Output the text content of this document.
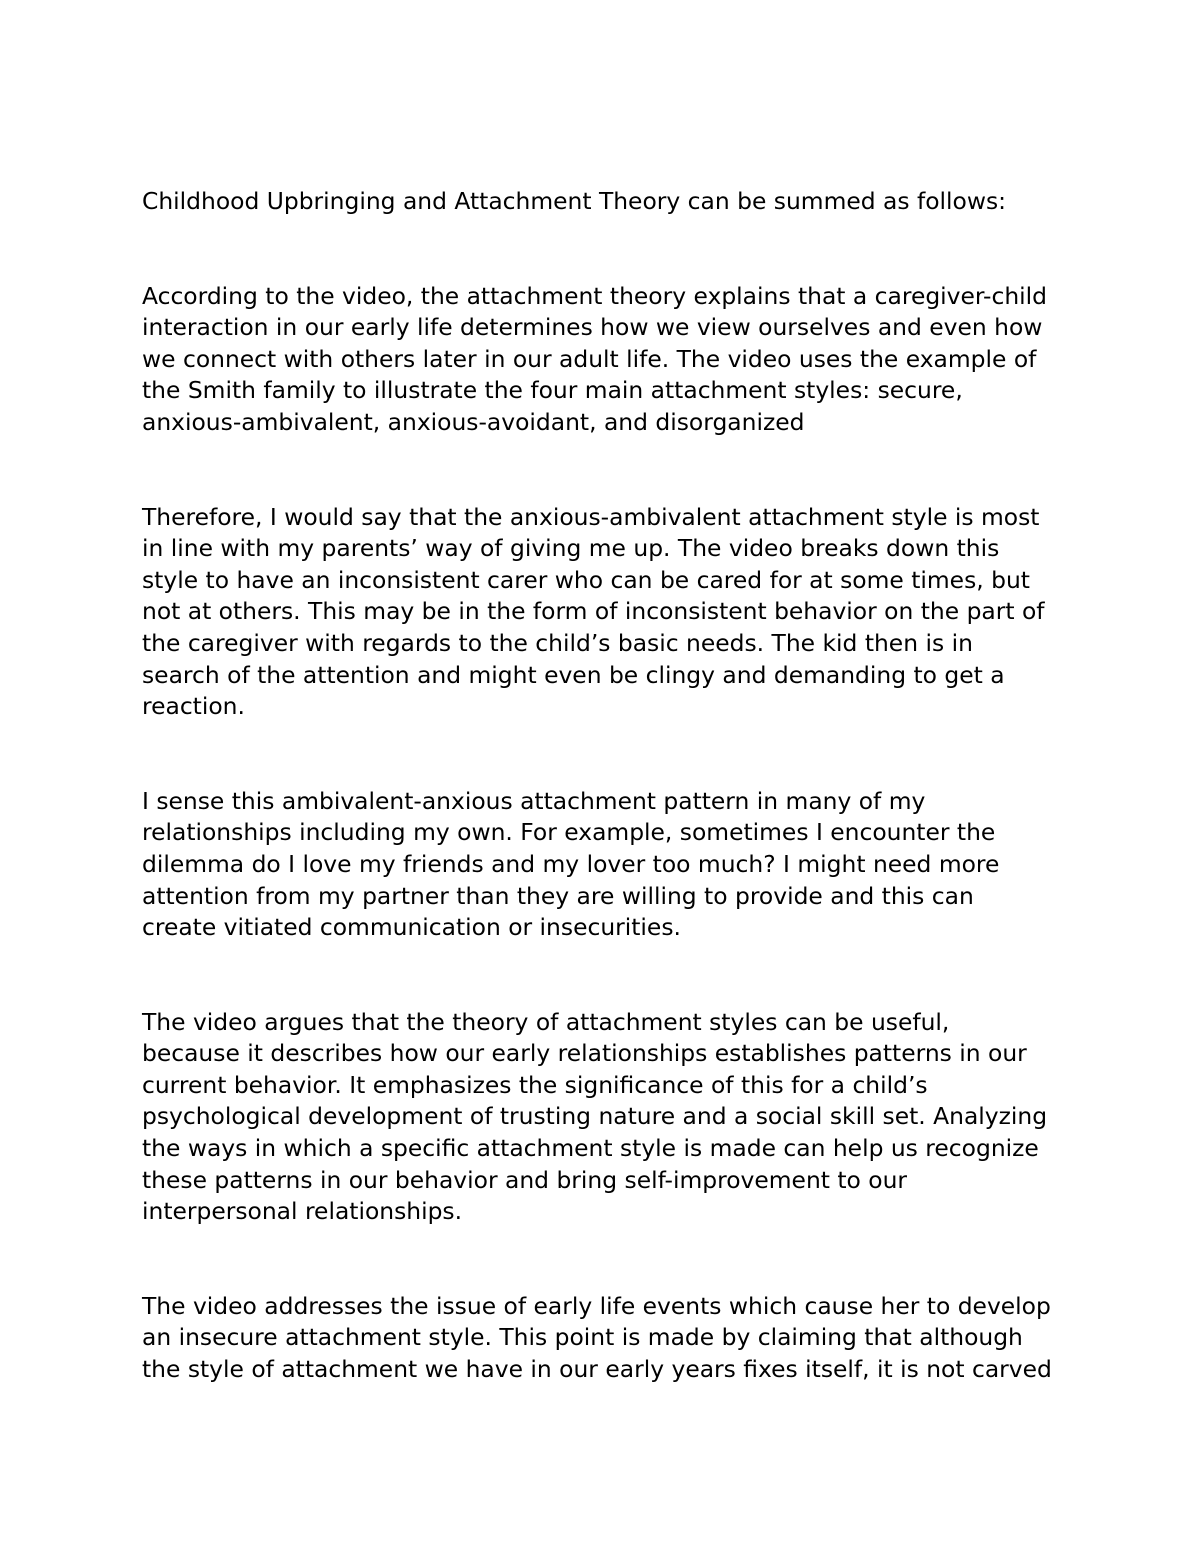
Childhood Upbringing and Attachment Theory can be summed as follows:

According to the video, the attachment theory explains that a caregiver-child
interaction in our early life determines how we view ourselves and even how
we connect with others later in our adult life. The video uses the example of
the Smith family to illustrate the four main attachment styles: secure,
anxious-ambivalent, anxious-avoidant, and disorganized

Therefore, I would say that the anxious-ambivalent attachment style is most
in line with my parents’ way of giving me up. The video breaks down this
style to have an inconsistent carer who can be cared for at some times, but
not at others. This may be in the form of inconsistent behavior on the part of
the caregiver with regards to the child’s basic needs. The kid then is in
search of the attention and might even be clingy and demanding to get a
reaction.

I sense this ambivalent-anxious attachment pattern in many of my
relationships including my own. For example, sometimes I encounter the
dilemma do I love my friends and my lover too much? I might need more
attention from my partner than they are willing to provide and this can
create vitiated communication or insecurities.

The video argues that the theory of attachment styles can be useful,
because it describes how our early relationships establishes patterns in our
current behavior. It emphasizes the significance of this for a child’s
psychological development of trusting nature and a social skill set. Analyzing
the ways in which a specific attachment style is made can help us recognize
these patterns in our behavior and bring self-improvement to our
interpersonal relationships.

The video addresses the issue of early life events which cause her to develop
an insecure attachment style. This point is made by claiming that although
the style of attachment we have in our early years fixes itself, it is not carved
